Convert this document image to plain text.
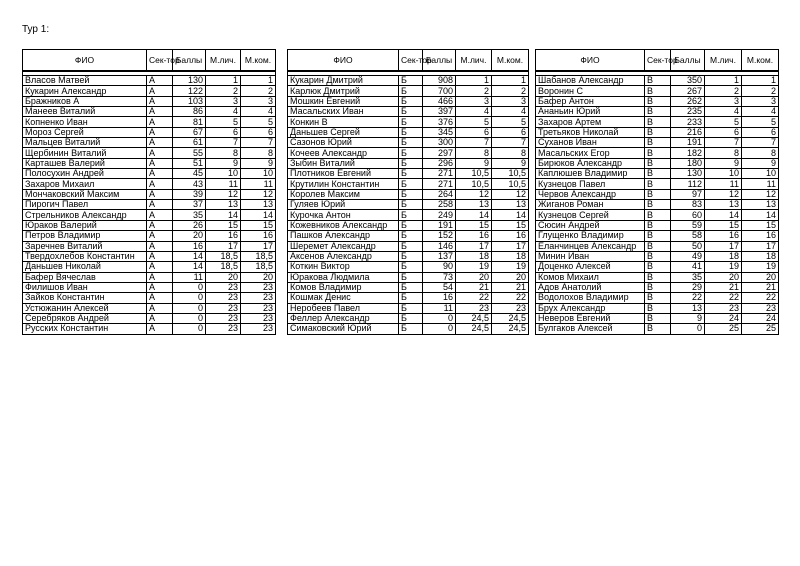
Тур 1:
ФИО	Сек-тор	Баллы	М.лич.	М.ком.

Власов Матвей	А	130	1	1
Кукарин Александр	А	122	2	2
Бражников А	А	103	3	3
Манеев Виталий	А	86	4	4
Копненко Иван	А	81	5	5
Мороз Сергей	А	67	6	6
Мальцев Виталий	А	61	7	7
Щербинин Виталий	А	55	8	8
Карташев Валерий	А	51	9	9
Полосухин Андрей	А	45	10	10
Захаров Михаил	А	43	11	11
Мончаковский Максим	А	39	12	12
Пирогич Павел	А	37	13	13
Стрельников Александр	А	35	14	14
Юраков Валерий	А	26	15	15
Петров Владимир	А	20	16	16
Заречнев Виталий	А	16	17	17
Твердохлебов Константин	А	14	18,5	18,5
Даньшев Николай	А	14	18,5	18,5
Бафер Вячеслав	А	11	20	20
Филишов Иван	А	0	23	23
Зайков Константин	А	0	23	23
Устюжанин Алексей	А	0	23	23
Серебряков Андрей	А	0	23	23
Русских Константин	А	0	23	23
ФИО	Сек-тор	Баллы	М.лич.	М.ком.

Кукарин Дмитрий	Б	908	1	1
Карлюк Дмитрий	Б	700	2	2
Мошкин Евгений	Б	466	3	3
Масальских Иван	Б	397	4	4
Конкин В	Б	376	5	5
Даньшев Сергей	Б	345	6	6
Сазонов Юрий	Б	300	7	7
Кочеев Александр	Б	297	8	8
Зыбин Виталий	Б	296	9	9
Плотников Евгений	Б	271	10,5	10,5
Крутилин Константин	Б	271	10,5	10,5
Королев Максим	Б	264	12	12
Гуляев Юрий	Б	258	13	13
Курочка Антон	Б	249	14	14
Кожевников Александр	Б	191	15	15
Пашков Александр	Б	152	16	16
Шеремет Александр	Б	146	17	17
Аксенов Александр	Б	137	18	18
Коткин Виктор	Б	90	19	19
Юракова Людмила	Б	73	20	20
Комов Владимир	Б	54	21	21
Кошмак Денис	Б	16	22	22
Неробеев Павел	Б	11	23	23
Феллер Александр	Б	0	24,5	24,5
Симаковский Юрий	Б	0	24,5	24,5
ФИО	Сек-тор	Баллы	М.лич.	М.ком.

Шабанов Александр	В	350	1	1
Воронин С	В	267	2	2
Бафер Антон	В	262	3	3
Ананьин Юрий	В	235	4	4
Захаров Артем	В	233	5	5
Третьяков Николай	В	216	6	6
Суханов Иван	В	191	7	7
Масальских Егор	В	182	8	8
Бирюков Александр	В	180	9	9
Каплюшев Владимир	В	130	10	10
Кузнецов Павел	В	112	11	11
Червов Александр	В	97	12	12
Жиганов Роман	В	83	13	13
Кузнецов Сергей	В	60	14	14
Сюсин Андрей	В	59	15	15
Глущенко Владимир	В	58	16	16
Еланчинцев Александр	В	50	17	17
Минин Иван	В	49	18	18
Доценко Алексей	В	41	19	19
Комов Михаил	В	35	20	20
Адов Анатолий	В	29	21	21
Водолохов Владимир	В	22	22	22
Брух Александр	В	13	23	23
Неверов Евгений	В	9	24	24
Булгаков Алексей	В	0	25	25
